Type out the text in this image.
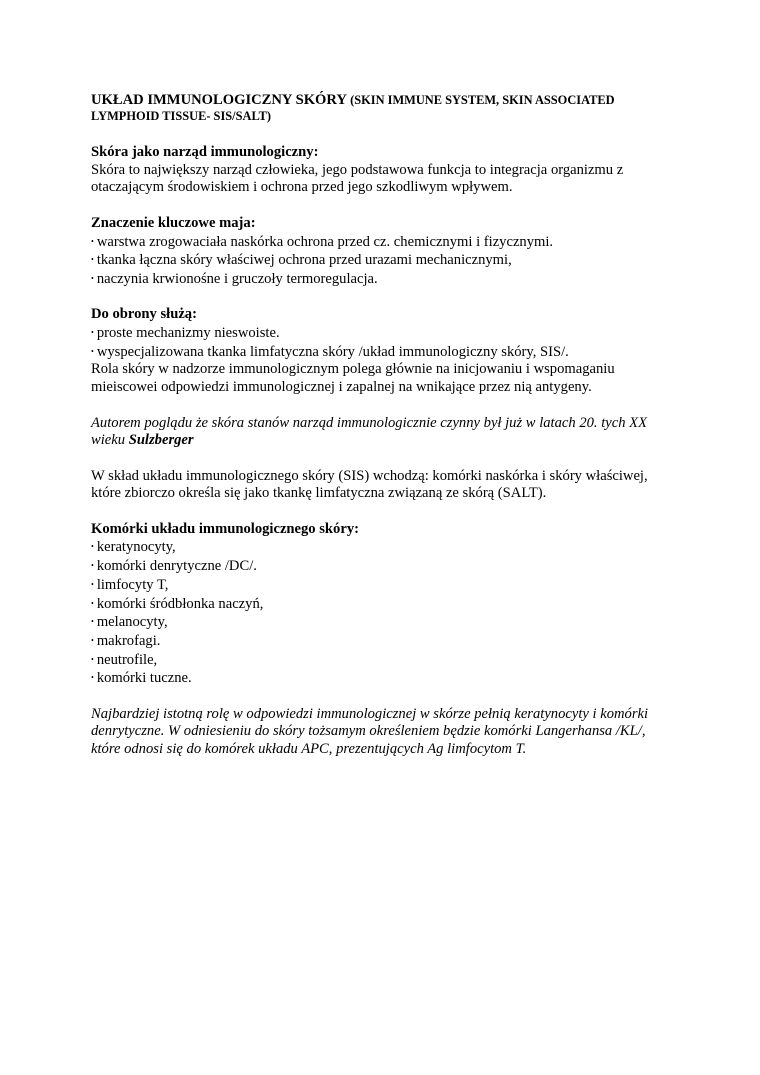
UKŁAD IMMUNOLOGICZNY SKÓRY (SKIN IMMUNE SYSTEM, SKIN ASSOCIATED LYMPHOID TISSUE- SIS/SALT)

Skóra jako narząd immunologiczny:

Skóra to największy narząd człowieka, jego podstawowa funkcja to integracja organizmu z otaczającym środowiskiem i ochrona przed jego szkodliwym wpływem.

Znaczenie kluczowe maja:

• warstwa zrogowaciała naskórka ochrona przed cz. chemicznymi i fizycznymi.
• tkanka łączna skóry właściwej ochrona przed urazami mechanicznymi,
• naczynia krwionośne i gruczoły termoregulacja.

Do obrony służą:

• proste mechanizmy nieswoiste.
• wyspecjalizowana tkanka limfatyczna skóry /układ immunologiczny skóry, SIS/.

Rola skóry w nadzorze immunologicznym polega głównie na inicjowaniu i wspomaganiu mieiscowei odpowiedzi immunologicznej i zapalnej na wnikające przez nią antygeny.

Autorem poglądu że skóra stanów narząd immunologicznie czynny był już w latach 20. tych XX wieku Sulzberger

W skład układu immunologicznego skóry (SIS) wchodzą: komórki naskórka i skóry właściwej, które zbiorczo określa się jako tkankę limfatyczna związaną ze skórą (SALT).

Komórki układu immunologicznego skóry:

• keratynocyty,
• komórki denrytyczne /DC/.
• limfocyty T,
• komórki śródbłonka naczyń,
• melanocyty,
• makrofagi.
• neutrofile,
• komórki tuczne.

Najbardziej istotną rolę w odpowiedzi immunologicznej w skórze pełnią keratynocyty i komórki denrytyczne. W odniesieniu do skóry tożsamym określeniem będzie komórki Langerhansa /KL/, które odnosi się do komórek układu APC, prezentujących Ag limfocytom T.
